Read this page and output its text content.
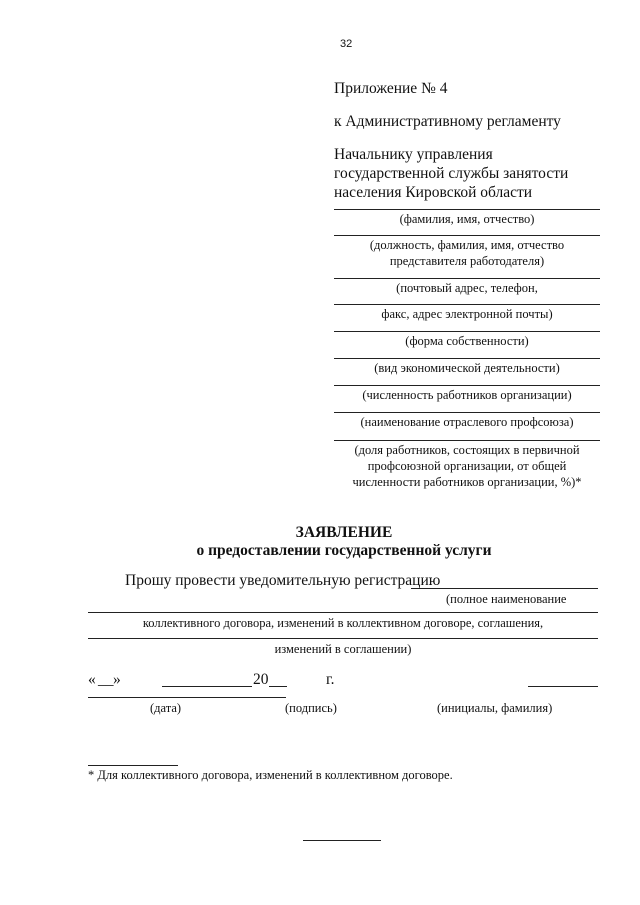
32
Приложение № 4
к Административному регламенту
Начальнику управления
государственной службы занятости
населения Кировской области
(фамилия, имя, отчество)
(должность, фамилия, имя, отчество
представителя работодателя)
(почтовый адрес, телефон,
факс, адрес электронной почты)
(форма собственности)
(вид экономической деятельности)
(численность работников организации)
(наименование отраслевого профсоюза)
(доля работников, состоящих в первичной
профсоюзной организации, от общей
численности работников организации, %)*
ЗАЯВЛЕНИЕ
о предоставлении государственной услуги
Прошу провести уведомительную регистрацию
(полное наименование
коллективного договора, изменений в коллективном договоре, соглашения,
изменений в соглашении)
« __ »	20	г.
(дата)	(подпись)	(инициалы, фамилия)
* Для коллективного договора, изменений в коллективном договоре.
